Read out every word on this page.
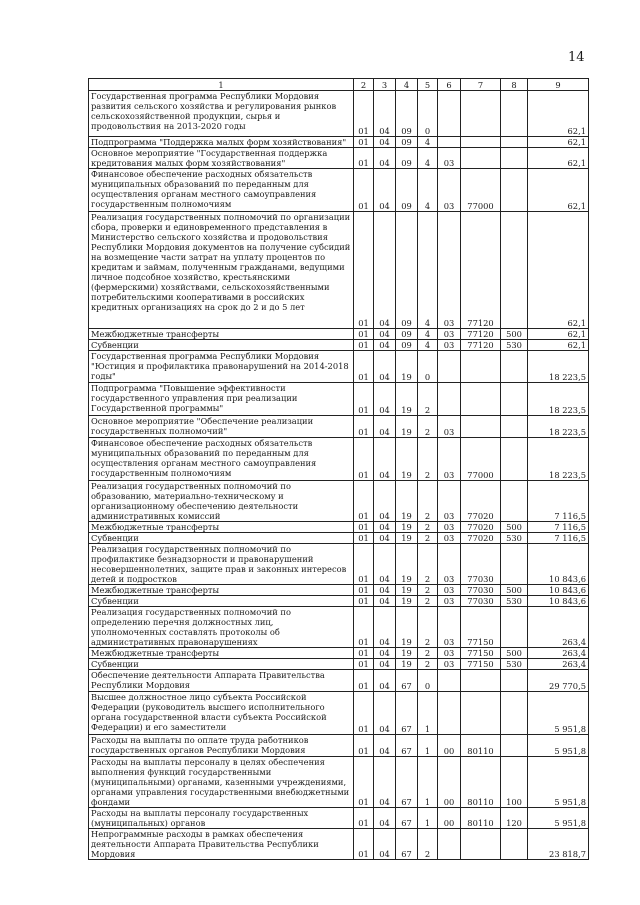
14
1	2	3	4	5	6	7	8	9
Государственная программа Республики Мордовия развития сельского хозяйства и регулирования рынков сельскохозяйственной продукции, сырья и продовольствия на 2013-2020 годы	01	04	09	0				62,1
Подпрограмма "Поддержка малых форм хозяйствования"	01	04	09	4				62,1
Основное мероприятие "Государственная поддержка кредитования малых форм хозяйствования"	01	04	09	4	03			62,1
Финансовое обеспечение расходных обязательств муниципальных образований по переданным для осуществления органам местного самоуправления государственным полномочиям	01	04	09	4	03	77000		62,1
Реализация государственных полномочий по организации сбора, проверки и единовременного представления в Министерство сельского хозяйства и продовольствия Республики Мордовия документов на получение субсидий на возмещение части затрат на уплату процентов по кредитам и займам, полученным гражданами, ведущими личное подсобное хозяйство, крестьянскими (фермерскими) хозяйствами, сельскохозяйственными потребительскими кооперативами в российских кредитных организациях на срок до 2 и до 5 лет	01	04	09	4	03	77120		62,1
Межбюджетные трансферты	01	04	09	4	03	77120	500	62,1
Субвенции	01	04	09	4	03	77120	530	62,1
Государственная программа Республики Мордовия "Юстиция и профилактика правонарушений на 2014-2018 годы"	01	04	19	0				18 223,5
Подпрограмма "Повышение эффективности государственного управления при реализации Государственной программы"	01	04	19	2				18 223,5
Основное мероприятие "Обеспечение реализации государственных полномочий"	01	04	19	2	03			18 223,5
Финансовое обеспечение расходных обязательств муниципальных образований по переданным для осуществления органам местного самоуправления государственным полномочиям	01	04	19	2	03	77000		18 223,5
Реализация государственных полномочий по образованию, материально-техническому и организационному обеспечению деятельности административных комиссий	01	04	19	2	03	77020		7 116,5
Межбюджетные трансферты	01	04	19	2	03	77020	500	7 116,5
Субвенции	01	04	19	2	03	77020	530	7 116,5
Реализация государственных полномочий по профилактике безнадзорности и правонарушений несовершеннолетних, защите прав и законных интересов детей и подростков	01	04	19	2	03	77030		10 843,6
Межбюджетные трансферты	01	04	19	2	03	77030	500	10 843,6
Субвенции	01	04	19	2	03	77030	530	10 843,6
Реализация государственных полномочий по определению перечня должностных лиц, уполномоченных составлять протоколы об административных правонарушениях	01	04	19	2	03	77150		263,4
Межбюджетные трансферты	01	04	19	2	03	77150	500	263,4
Субвенции	01	04	19	2	03	77150	530	263,4
Обеспечение деятельности Аппарата Правительства Республики Мордовия	01	04	67	0				29 770,5
Высшее должностное лицо субъекта Российской Федерации (руководитель высшего исполнительного органа государственной власти субъекта Российской Федерации) и его заместители	01	04	67	1				5 951,8
Расходы на выплаты по оплате труда работников государственных органов Республики Мордовия	01	04	67	1	00	80110		5 951,8
Расходы на выплаты персоналу в целях обеспечения выполнения функций государственными (муниципальными) органами, казенными учреждениями, органами управления государственными внебюджетными фондами	01	04	67	1	00	80110	100	5 951,8
Расходы на выплаты персоналу государственных (муниципальных) органов	01	04	67	1	00	80110	120	5 951,8
Непрограммные расходы в рамках обеспечения деятельности Аппарата Правительства Республики Мордовия	01	04	67	2				23 818,7
